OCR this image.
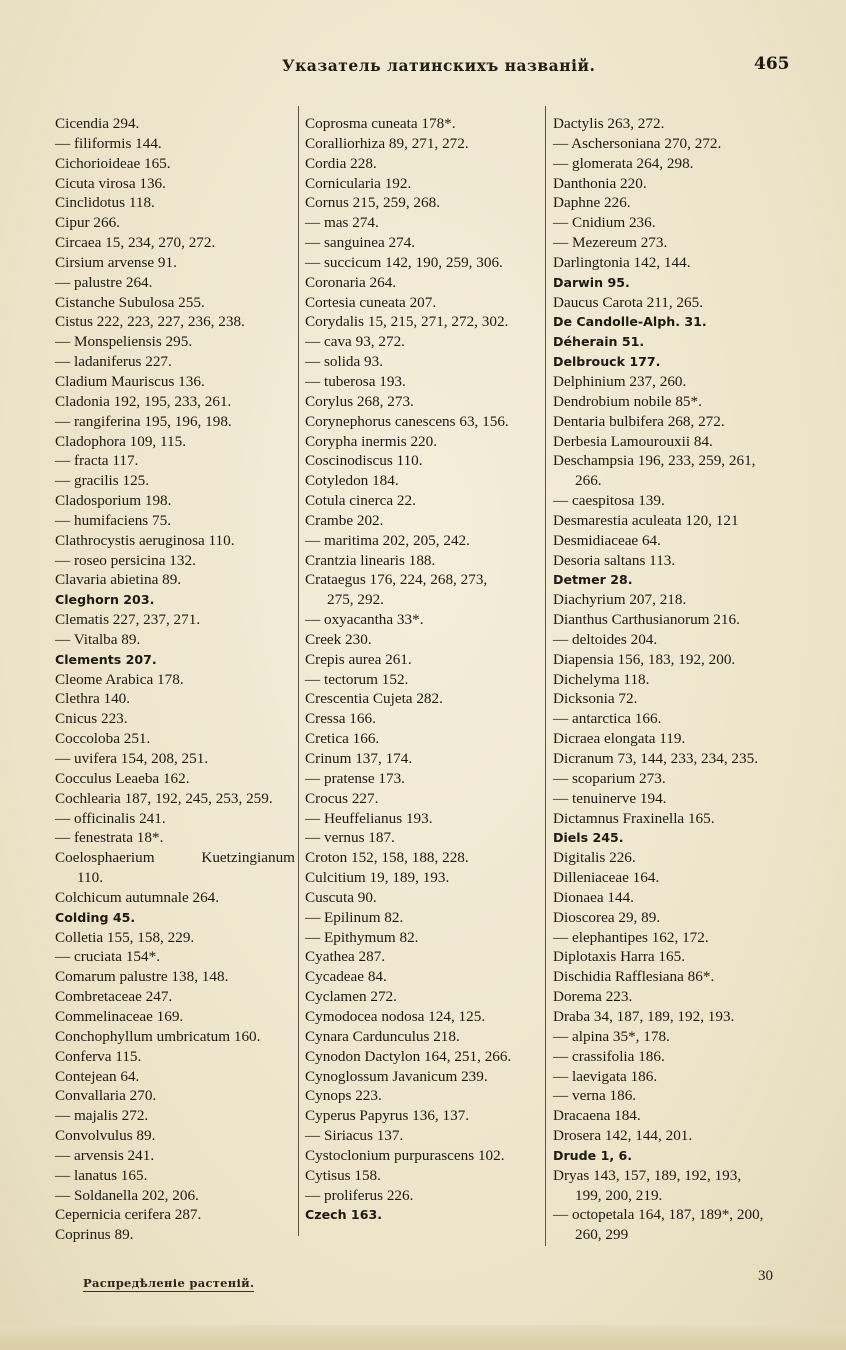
Указатель латинскихъ названій.	465
Cicendia 294.
— filiformis 144.
Cichorioideae 165.
Cicuta virosa 136.
Cinclidotus 118.
Cipur 266.
Circaea 15, 234, 270, 272.
Cirsium arvense 91.
— palustre 264.
Cistanche Subulosa 255.
Cistus 222, 223, 227, 236, 238.
— Monspeliensis 295.
— ladaniferus 227.
Cladium Mauriscus 136.
Cladonia 192, 195, 233, 261.
— rangiferina 195, 196, 198.
Cladophora 109, 115.
— fracta 117.
— gracilis 125.
Cladosporium 198.
— humifaciens 75.
Clathrocystis aeruginosa 110.
— roseo persicina 132.
Clavaria abietina 89.
Cleghorn 203.
Clematis 227, 237, 271.
— Vitalba 89.
Clements 207.
Cleome Arabica 178.
Clethra 140.
Cnicus 223.
Coccoloba 251.
— uvifera 154, 208, 251.
Cocculus Leaeba 162.
Cochlearia 187, 192, 245, 253, 259.
— officinalis 241.
— fenestrata 18*.
Coelosphaerium	Kuetzingianum
110.
Colchicum autumnale 264.
Colding 45.
Colletia 155, 158, 229.
— cruciata 154*.
Comarum palustre 138, 148.
Combretaceae 247.
Commelinaceae 169.
Conchophyllum umbricatum 160.
Conferva 115.
Contejean 64.
Convallaria 270.
— majalis 272.
Convolvulus 89.
— arvensis 241.
— lanatus 165.
— Soldanella 202, 206.
Cepernicia cerifera 287.
Coprinus 89.
Coprosma cuneata 178*.
Coralliorhiza 89, 271, 272.
Cordia 228.
Cornicularia 192.
Cornus 215, 259, 268.
— mas 274.
— sanguinea 274.
— succicum 142, 190, 259, 306.
Coronaria 264.
Cortesia cuneata 207.
Corydalis 15, 215, 271, 272, 302.
— cava 93, 272.
— solida 93.
— tuberosa 193.
Corylus 268, 273.
Corynephorus canescens 63, 156.
Corypha inermis 220.
Coscinodiscus 110.
Cotyledon 184.
Cotula cinerca 22.
Crambe 202.
— maritima 202, 205, 242.
Crantzia linearis 188.
Crataegus 176, 224, 268, 273,
275, 292.
— oxyacantha 33*.
Creek 230.
Crepis aurea 261.
— tectorum 152.
Crescentia Cujeta 282.
Cressa 166.
Cretica 166.
Crinum 137, 174.
— pratense 173.
Crocus 227.
— Heuffelianus 193.
— vernus 187.
Croton 152, 158, 188, 228.
Culcitium 19, 189, 193.
Cuscuta 90.
— Epilinum 82.
— Epithymum 82.
Cyathea 287.
Cycadeae 84.
Cyclamen 272.
Cymodocea nodosa 124, 125.
Cynara Cardunculus 218.
Cynodon Dactylon 164, 251, 266.
Cynoglossum Javanicum 239.
Cynops 223.
Cyperus Papyrus 136, 137.
— Siriacus 137.
Cystoclonium purpurascens 102.
Cytisus 158.
— proliferus 226.
Czech 163.
Dactylis 263, 272.
— Aschersoniana 270, 272.
— glomerata 264, 298.
Danthonia 220.
Daphne 226.
— Cnidium 236.
— Mezereum 273.
Darlingtonia 142, 144.
Darwin 95.
Daucus Carota 211, 265.
De Candolle-Alph. 31.
Déherain 51.
Delbrouck 177.
Delphinium 237, 260.
Dendrobium nobile 85*.
Dentaria bulbifera 268, 272.
Derbesia Lamourouxii 84.
Deschampsia 196, 233, 259, 261,
266.
— caespitosa 139.
Desmarestia aculeata 120, 121
Desmidiaceae 64.
Desoria saltans 113.
Detmer 28.
Diachyrium 207, 218.
Dianthus Carthusianorum 216.
— deltoides 204.
Diapensia 156, 183, 192, 200.
Dichelyma 118.
Dicksonia 72.
— antarctica 166.
Dicraea elongata 119.
Dicranum 73, 144, 233, 234, 235.
— scoparium 273.
— tenuinerve 194.
Dictamnus Fraxinella 165.
Diels 245.
Digitalis 226.
Dilleniaceae 164.
Dionaea 144.
Dioscorea 29, 89.
— elephantipes 162, 172.
Diplotaxis Harra 165.
Dischidia Rafflesiana 86*.
Dorema 223.
Draba 34, 187, 189, 192, 193.
— alpina 35*, 178.
— crassifolia 186.
— laevigata 186.
— verna 186.
Dracaena 184.
Drosera 142, 144, 201.
Drude 1, 6.
Dryas 143, 157, 189, 192, 193,
199, 200, 219.
— octopetala 164, 187, 189*, 200,
260, 299
Распредѣленіе растеній.	30
